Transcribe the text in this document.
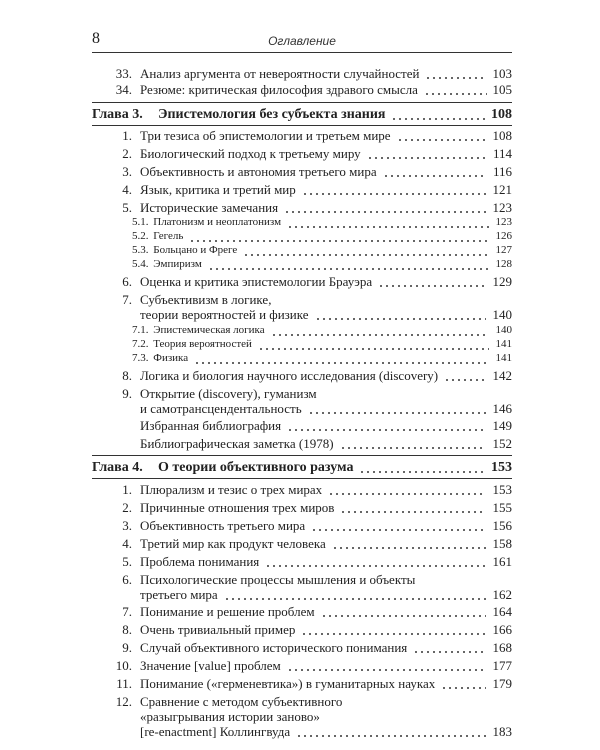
8	Оглавление
33. Анализ аргумента от невероятности случайностей	103
34. Резюме: критическая философия здравого смысла	105
Глава 3. Эпистемология без субъекта знания	108
1. Три тезиса об эпистемологии и третьем мире	108
2. Биологический подход к третьему миру	114
3. Объективность и автономия третьего мира	116
4. Язык, критика и третий мир	121
5. Исторические замечания	123
5.1. Платонизм и неоплатонизм	123
5.2. Гегель	126
5.3. Больцано и Фреге	127
5.4. Эмпиризм	128
6. Оценка и критика эпистемологии Брауэра	129
7. Субъективизм в логике,
теории вероятностей и физике	140
7.1. Эпистемическая логика	140
7.2. Теория вероятностей	141
7.3. Физика	141
8. Логика и биология научного исследования (discovery)	142
9. Открытие (discovery), гуманизм
и самотрансцендентальность	146
Избранная библиография	149
Библиографическая заметка (1978)	152
Глава 4. О теории объективного разума	153
1. Плюрализм и тезис о трех мирах	153
2. Причинные отношения трех миров	155
3. Объективность третьего мира	156
4. Третий мир как продукт человека	158
5. Проблема понимания	161
6. Психологические процессы мышления и объекты
третьего мира	162
7. Понимание и решение проблем	164
8. Очень тривиальный пример	166
9. Случай объективного исторического понимания	168
10. Значение [value] проблем	177
11. Понимание («герменевтика») в гуманитарных науках	179
12. Сравнение с методом субъективного
«разыгрывания истории заново»
[re-enactment] Коллингвуда	183
